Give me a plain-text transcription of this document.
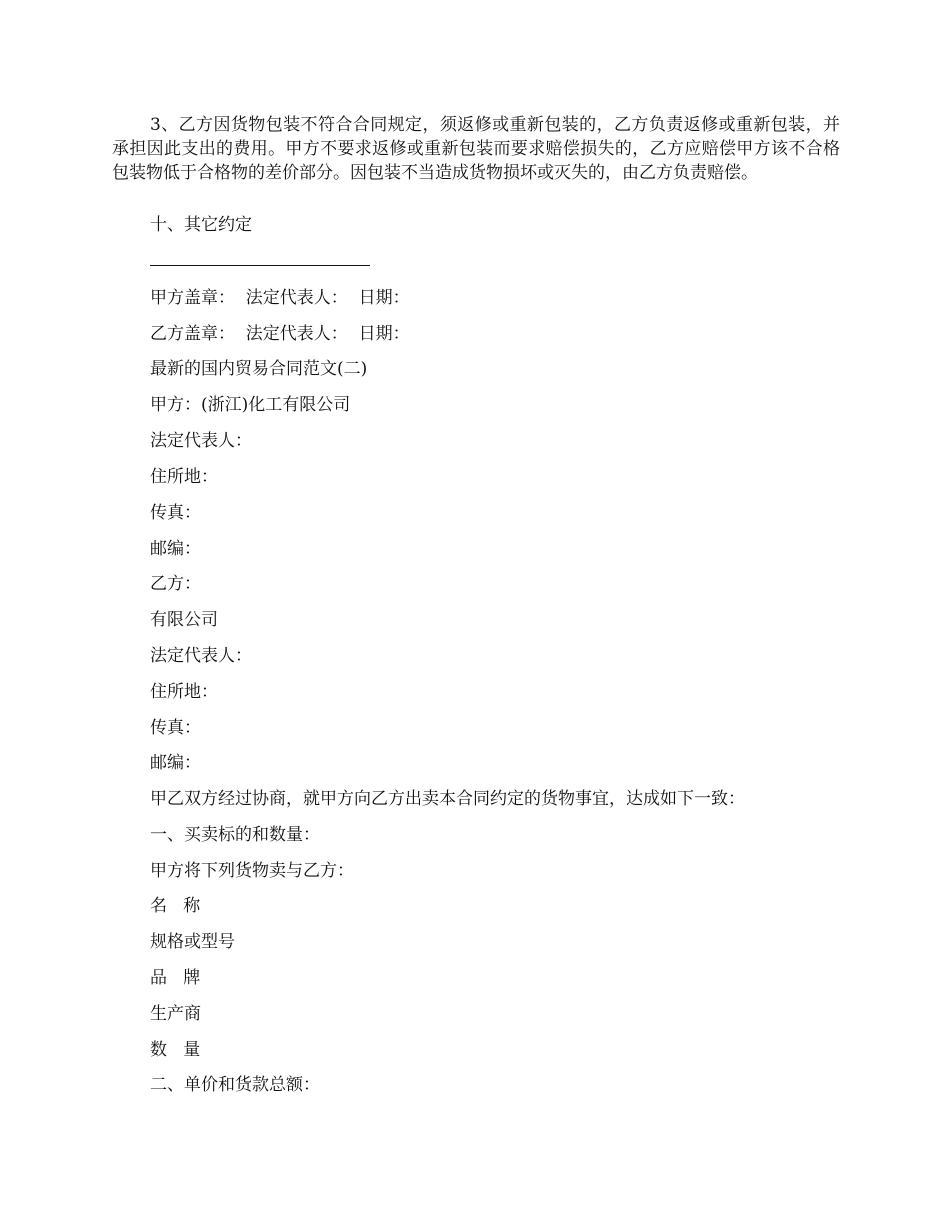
3、乙方因货物包装不符合合同规定，须返修或重新包装的，乙方负责返修或重新包装，并承担因此支出的费用。甲方不要求返修或重新包装而要求赔偿损失的，乙方应赔偿甲方该不合格包装物低于合格物的差价部分。因包装不当造成货物损坏或灭失的，由乙方负责赔偿。

十、其它约定

甲方盖章：  法定代表人：  日期：

乙方盖章：  法定代表人：  日期：

最新的国内贸易合同范文(二)

甲方：(浙江)化工有限公司

法定代表人：

住所地：

传真：

邮编：

乙方：

有限公司

法定代表人：

住所地：

传真：

邮编：

甲乙双方经过协商，就甲方向乙方出卖本合同约定的货物事宜，达成如下一致：

一、买卖标的和数量：

甲方将下列货物卖与乙方：

名   称

规格或型号

品   牌

生产商

数   量

二、单价和货款总额：
